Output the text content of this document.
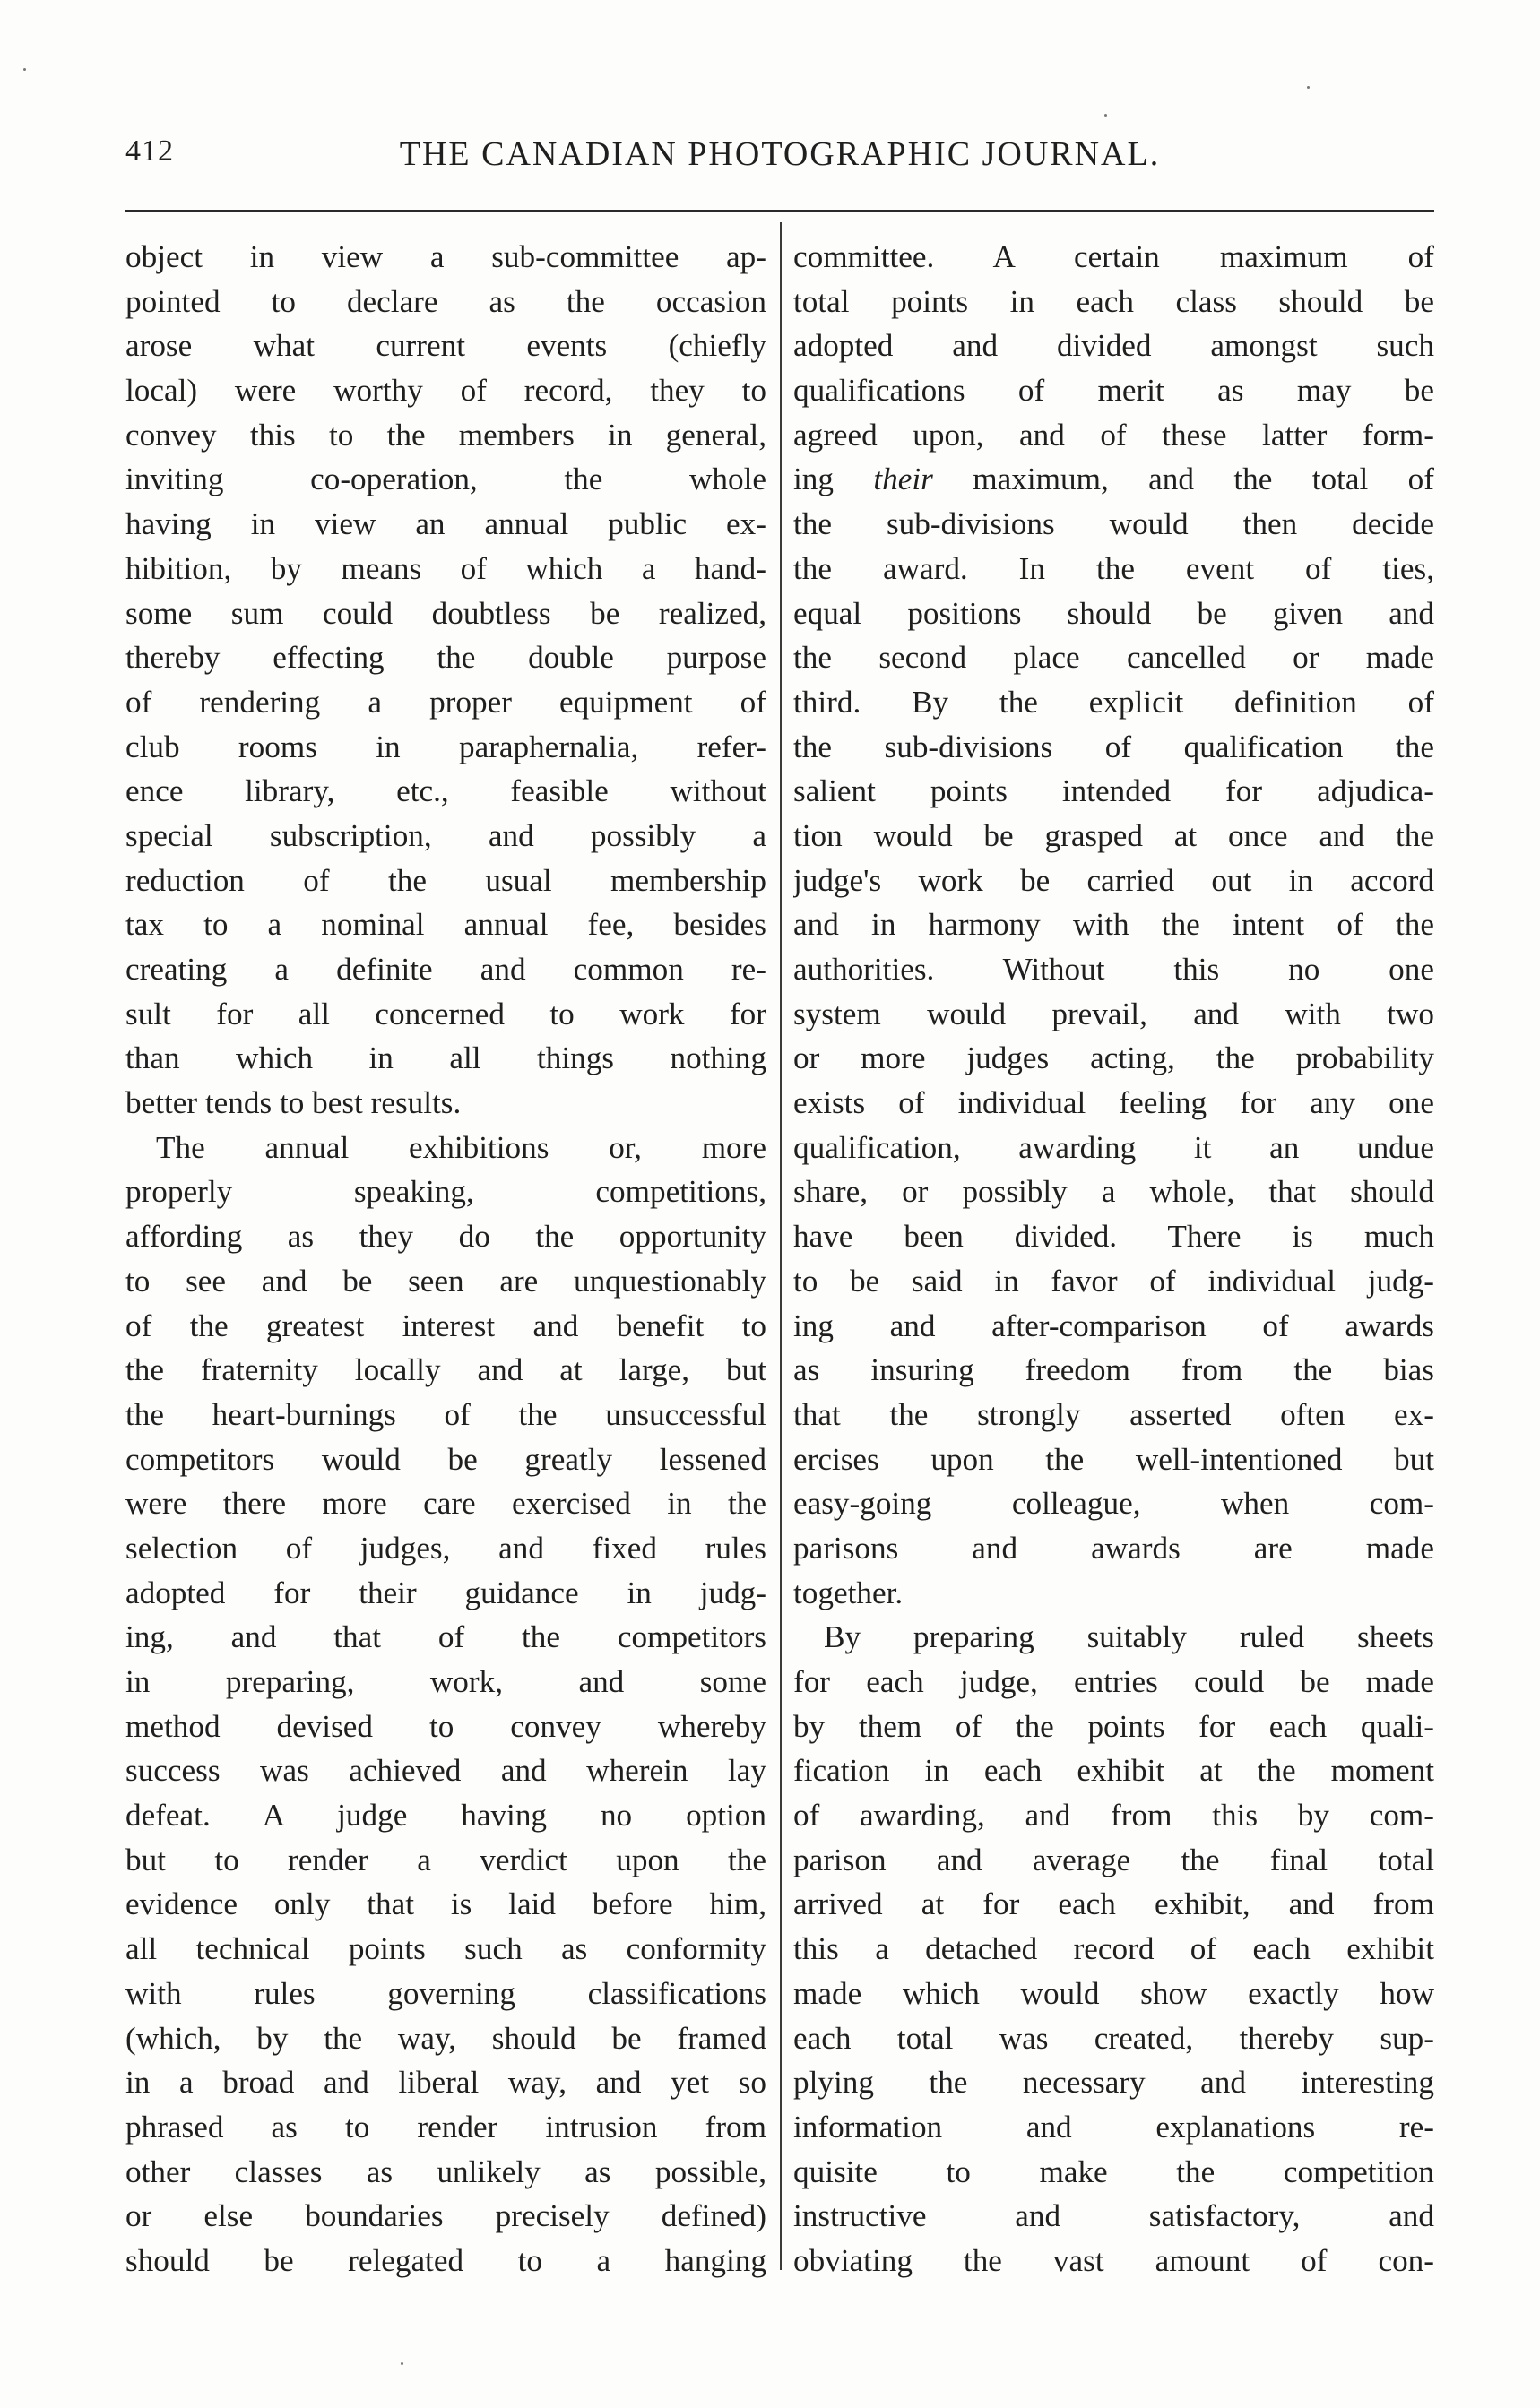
412	THE CANADIAN PHOTOGRAPHIC JOURNAL.
object in view a sub-committee ap-
pointed to declare as the occasion
arose what current events (chiefly
local) were worthy of record, they to
convey this to the members in general,
inviting co-operation, the whole
having in view an annual public ex-
hibition, by means of which a hand-
some sum could doubtless be realized,
thereby effecting the double purpose
of rendering a proper equipment of
club rooms in paraphernalia, refer-
ence library, etc., feasible without
special subscription, and possibly a
reduction of the usual membership
tax to a nominal annual fee, besides
creating a definite and common re-
sult for all concerned to work for
than which in all things nothing
better tends to best results.
The annual exhibitions or, more
properly speaking, competitions,
affording as they do the opportunity
to see and be seen are unquestionably
of the greatest interest and benefit to
the fraternity locally and at large, but
the heart-burnings of the unsuccessful
competitors would be greatly lessened
were there more care exercised in the
selection of judges, and fixed rules
adopted for their guidance in judg-
ing, and that of the competitors
in preparing, work, and some
method devised to convey whereby
success was achieved and wherein lay
defeat. A judge having no option
but to render a verdict upon the
evidence only that is laid before him,
all technical points such as conformity
with rules governing classifications
(which, by the way, should be framed
in a broad and liberal way, and yet so
phrased as to render intrusion from
other classes as unlikely as possible,
or else boundaries precisely defined)
should be relegated to a hanging
committee. A certain maximum of
total points in each class should be
adopted and divided amongst such
qualifications of merit as may be
agreed upon, and of these latter form-
ing their maximum, and the total of
the sub-divisions would then decide
the award. In the event of ties,
equal positions should be given and
the second place cancelled or made
third. By the explicit definition of
the sub-divisions of qualification the
salient points intended for adjudica-
tion would be grasped at once and the
judge's work be carried out in accord
and in harmony with the intent of the
authorities. Without this no one
system would prevail, and with two
or more judges acting, the probability
exists of individual feeling for any one
qualification, awarding it an undue
share, or possibly a whole, that should
have been divided. There is much
to be said in favor of individual judg-
ing and after-comparison of awards
as insuring freedom from the bias
that the strongly asserted often ex-
ercises upon the well-intentioned but
easy-going colleague, when com-
parisons and awards are made
together.
By preparing suitably ruled sheets
for each judge, entries could be made
by them of the points for each quali-
fication in each exhibit at the moment
of awarding, and from this by com-
parison and average the final total
arrived at for each exhibit, and from
this a detached record of each exhibit
made which would show exactly how
each total was created, thereby sup-
plying the necessary and interesting
information and explanations re-
quisite to make the competition
instructive and satisfactory, and
obviating the vast amount of con-
